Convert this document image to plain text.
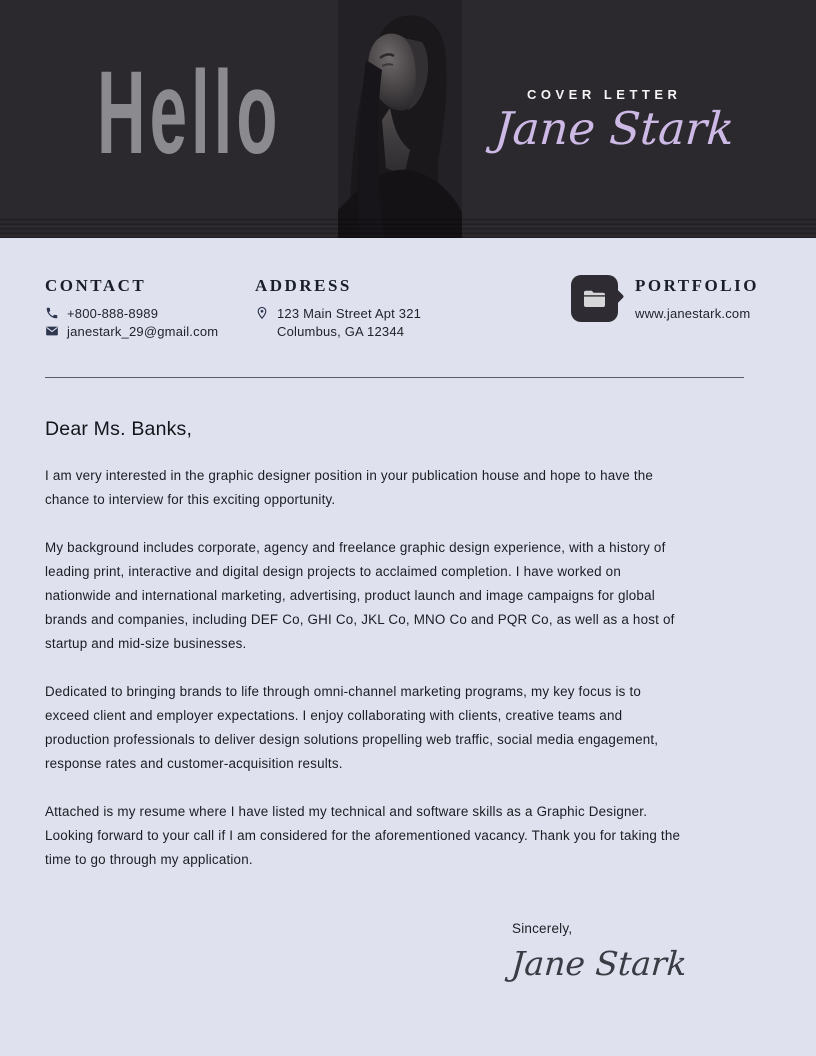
Hello	COVER LETTER
Jane Stark
CONTACT
+800-888-8989
janestark_29@gmail.com
ADDRESS
123 Main Street Apt 321
Columbus, GA 12344
PORTFOLIO
www.janestark.com
Dear Ms. Banks,

I am very interested in the graphic designer position in your publication house and hope to have the chance to interview for this exciting opportunity.

My background includes corporate, agency and freelance graphic design experience, with a history of leading print, interactive and digital design projects to acclaimed completion. I have worked on nationwide and international marketing, advertising, product launch and image campaigns for global brands and companies, including DEF Co, GHI Co, JKL Co, MNO Co and PQR Co, as well as a host of startup and mid-size businesses.

Dedicated to bringing brands to life through omni-channel marketing programs, my key focus is to exceed client and employer expectations. I enjoy collaborating with clients, creative teams and production professionals to deliver design solutions propelling web traffic, social media engagement, response rates and customer-acquisition results.

Attached is my resume where I have listed my technical and software skills as a Graphic Designer. Looking forward to your call if I am considered for the aforementioned vacancy. Thank you for taking the time to go through my application.

Sincerely,
Jane Stark
